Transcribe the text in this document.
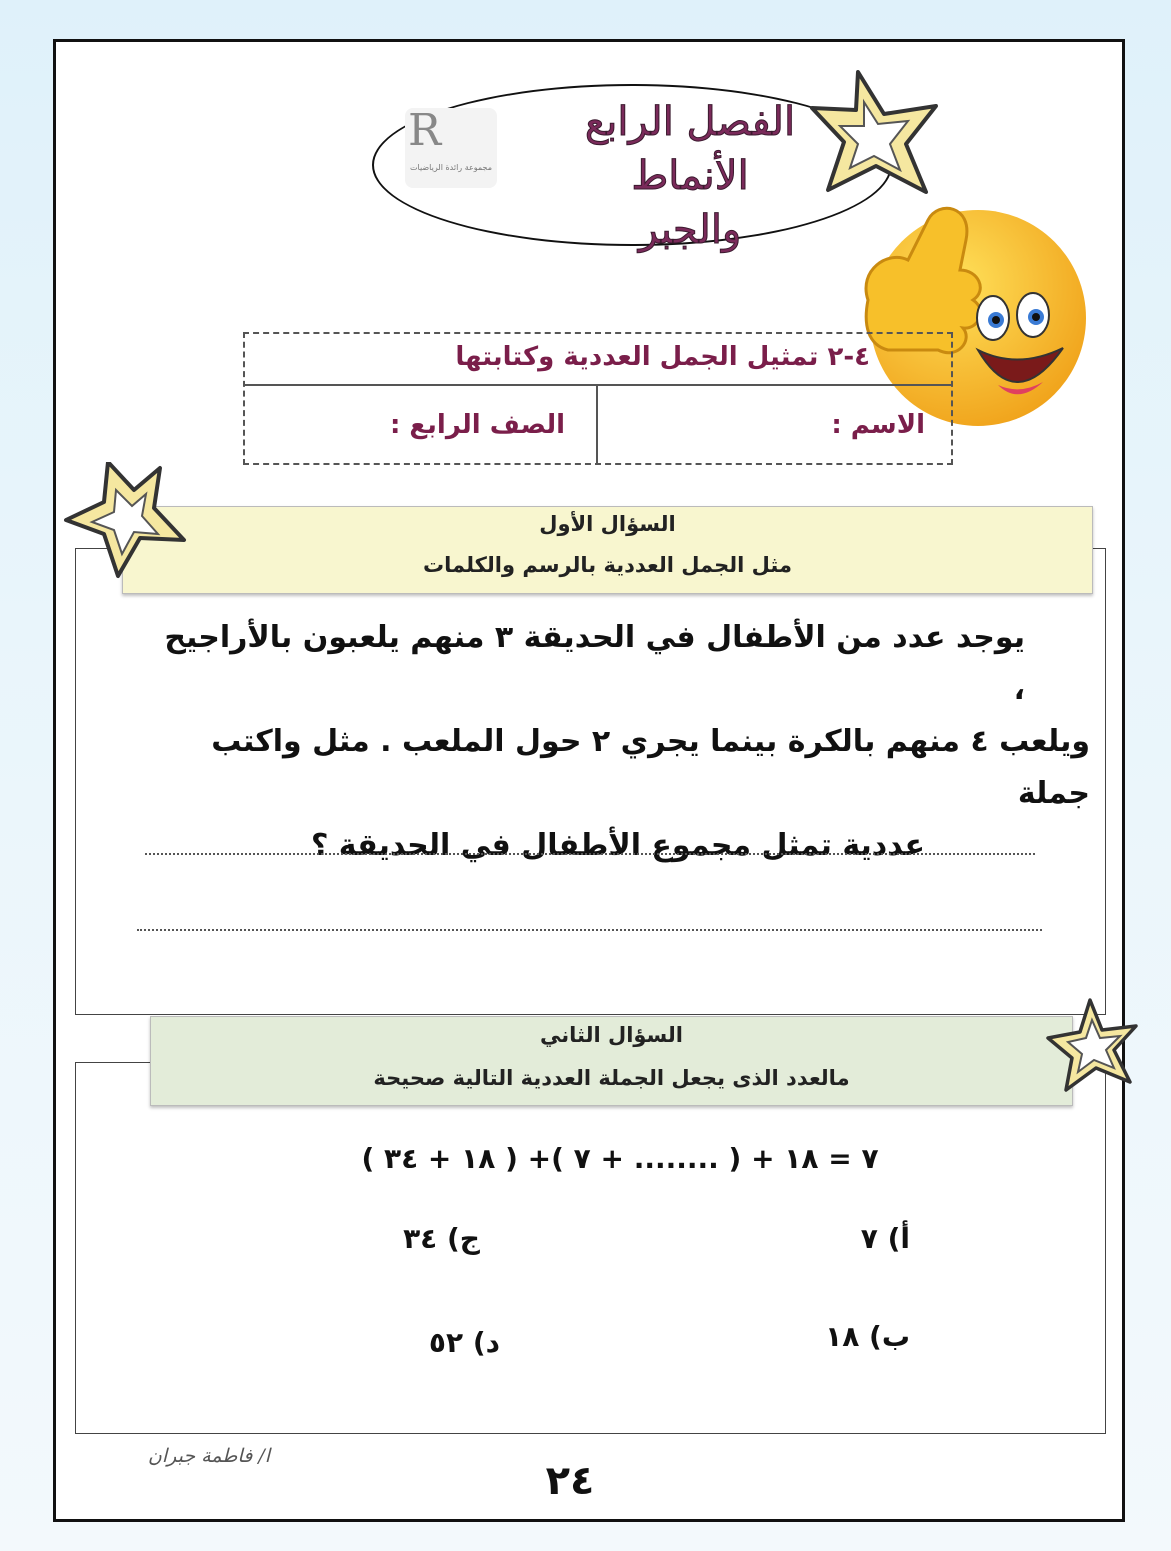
R
مجموعة رائدة الرياضيات
الفصل الرابع الأنماط
والجبر
٤-٢ تمثيل الجمل العددية وكتابتها
الاسم :
الصف الرابع :
السؤال الأول
مثل الجمل العددية بالرسم والكلمات
يوجد عدد من الأطفال في الحديقة ٣ منهم يلعبون بالأراجيح ،
ويلعب ٤ منهم بالكرة بينما يجري ٢ حول الملعب . مثل واكتب جملة
عددية تمثل مجموع الأطفال في الحديقة ؟
السؤال الثاني
مالعدد الذى يجعل الجملة العددية التالية صحيحة
( ١٨ + ٣٤ ) +٧ = ١٨ + ( ........ + ٧ )
أ) ٧
ب) ١٨
ج) ٣٤
د) ٥٢
ا/ فاطمة جبران
٢٤
